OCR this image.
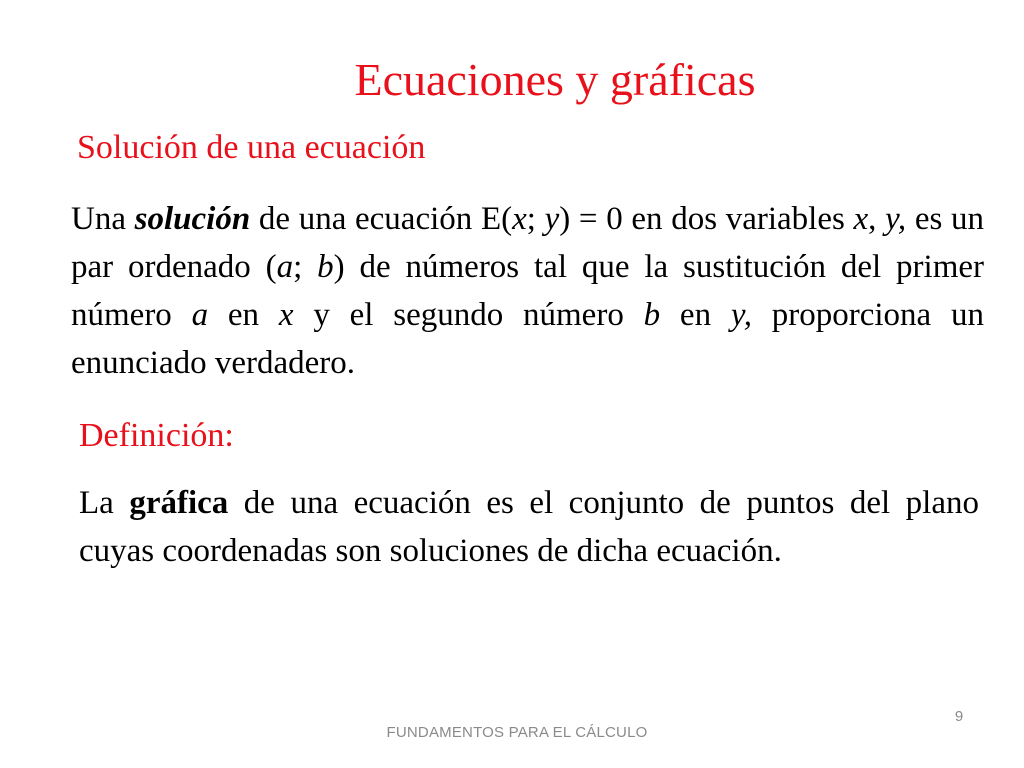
Ecuaciones y gráficas
Solución de una ecuación

Una solución de una ecuación E(x; y) = 0 en dos variables x, y, es un par ordenado (a; b) de números tal que la sustitución del primer número a en x y el segundo número b en y, proporciona un enunciado verdadero.

Definición:

La gráfica de una ecuación es el conjunto de puntos del plano cuyas coordenadas son soluciones de dicha ecuación.

9
FUNDAMENTOS PARA EL CÁLCULO
